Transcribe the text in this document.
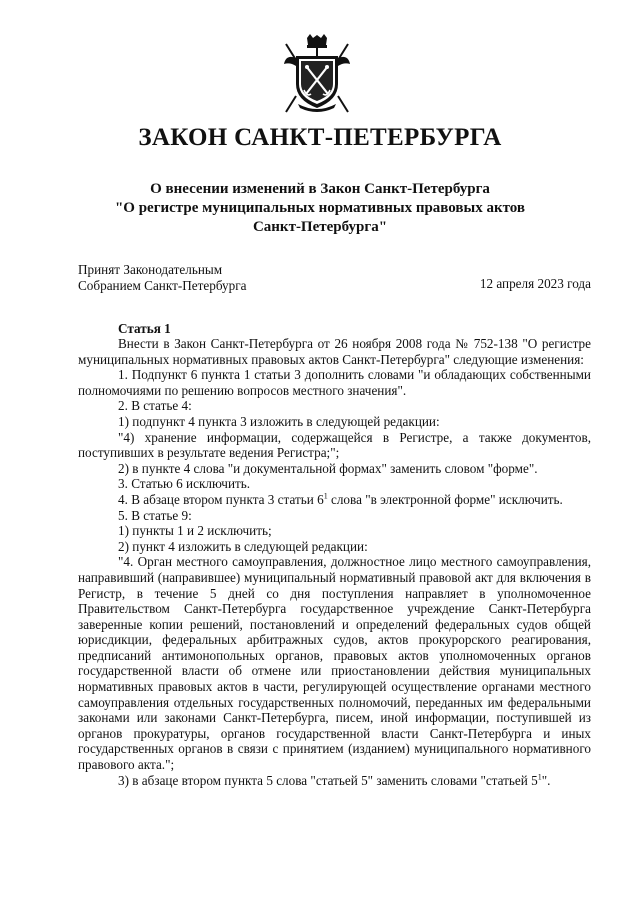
ЗАКОН САНКТ-ПЕТЕРБУРГА
О внесении изменений в Закон Санкт-Петербурга
"О регистре муниципальных нормативных правовых актов
Санкт-Петербурга"
Принят Законодательным
Собранием Санкт-Петербурга	12 апреля 2023 года
Статья 1

Внести в Закон Санкт-Петербурга от 26 ноября 2008 года № 752-138 "О регистре муниципальных нормативных правовых актов Санкт-Петербурга" следующие изменения:

1. Подпункт 6 пункта 1 статьи 3 дополнить словами "и обладающих собственными полномочиями по решению вопросов местного значения".

2. В статье 4:

1) подпункт 4 пункта 3 изложить в следующей редакции:

"4) хранение информации, содержащейся в Регистре, а также документов, поступивших в результате ведения Регистра;";

2) в пункте 4 слова "и документальной формах" заменить словом "форме".

3. Статью 6 исключить.

4. В абзаце втором пункта 3 статьи $6^1$ слова "в электронной форме" исключить.

5. В статье 9:

1) пункты 1 и 2 исключить;

2) пункт 4 изложить в следующей редакции:

"4. Орган местного самоуправления, должностное лицо местного самоуправления, направивший (направившее) муниципальный нормативный правовой акт для включения в Регистр, в течение 5 дней со дня поступления направляет в уполномоченное Правительством Санкт-Петербурга государственное учреждение Санкт-Петербурга заверенные копии решений, постановлений и определений федеральных судов общей юрисдикции, федеральных арбитражных судов, актов прокурорского реагирования, предписаний антимонопольных органов, правовых актов уполномоченных органов государственной власти об отмене или приостановлении действия муниципальных нормативных правовых актов в части, регулирующей осуществление органами местного самоуправления отдельных государственных полномочий, переданных им федеральными законами или законами Санкт-Петербурга, писем, иной информации, поступившей из органов прокуратуры, органов государственной власти Санкт-Петербурга и иных государственных органов в связи с принятием (изданием) муниципального нормативного правового акта.";

3) в абзаце втором пункта 5 слова "статьей 5" заменить словами "статьей $5^1$".
